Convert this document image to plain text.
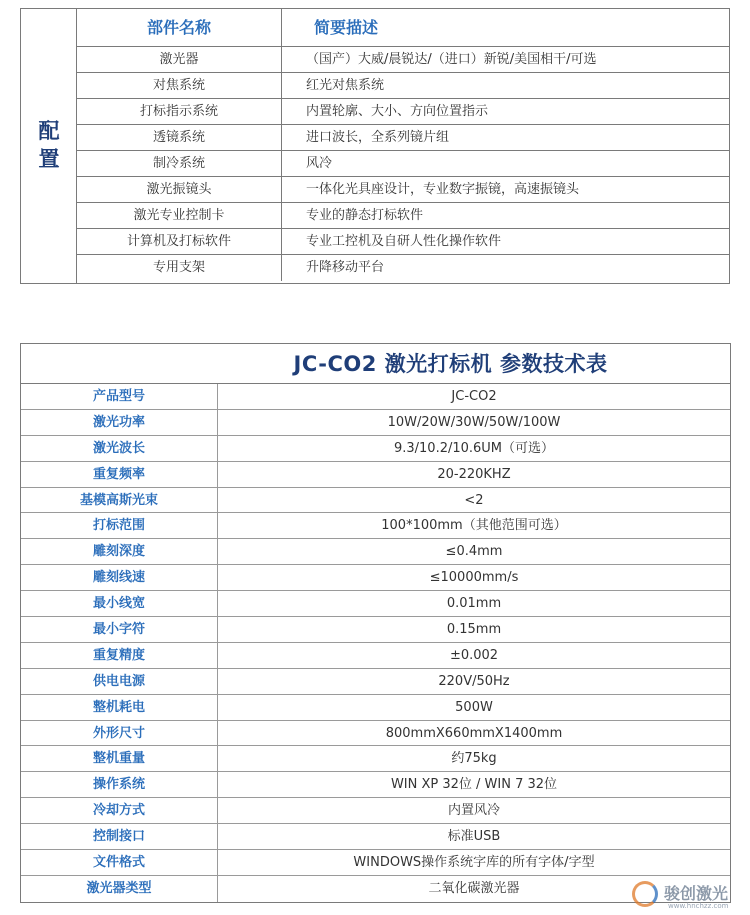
配
置
部件名称	简要描述
激光器	（国产）大威/晨锐达/（进口）新锐/美国相干/可选
对焦系统	红光对焦系统
打标指示系统	内置轮廓、大小、方向位置指示
透镜系统	进口波长，全系列镜片组
制冷系统	风冷
激光振镜头	一体化光具座设计，专业数字振镜，高速振镜头
激光专业控制卡	专业的静态打标软件
计算机及打标软件	专业工控机及自研人性化操作软件
专用支架	升降移动平台
JC-CO2 激光打标机 参数技术表
产品型号	JC-CO2
激光功率	10W/20W/30W/50W/100W
激光波长	9.3/10.2/10.6UM（可选）
重复频率	20-220KHZ
基模高斯光束	<2
打标范围	100*100mm（其他范围可选）
雕刻深度	≤0.4mm
雕刻线速	≤10000mm/s
最小线宽	0.01mm
最小字符	0.15mm
重复精度	±0.002
供电电源	220V/50Hz
整机耗电	500W
外形尺寸	800mmX660mmX1400mm
整机重量	约75kg
操作系统	WIN XP 32位 / WIN 7 32位
冷却方式	内置风冷
控制接口	标准USB
文件格式	WINDOWS操作系统字库的所有字体/字型
激光器类型	二氧化碳激光器	骏创激光
www.hnchzz.com
